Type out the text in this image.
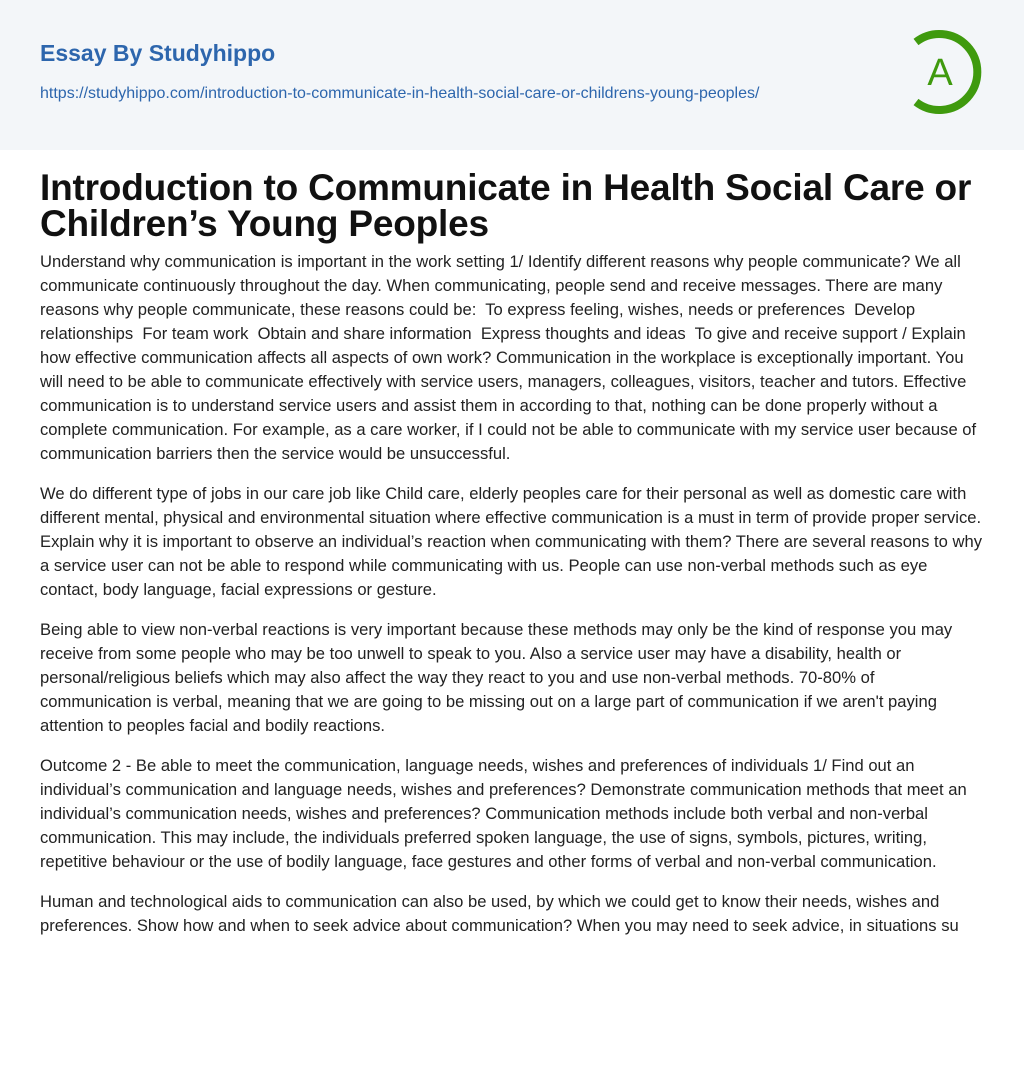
Essay By Studyhippo
https://studyhippo.com/introduction-to-communicate-in-health-social-care-or-childrens-young-peoples/	A
Introduction to Communicate in Health Social Care or Children’s Young Peoples

Understand why communication is important in the work setting 1/ Identify different reasons why people communicate? We all communicate continuously throughout the day. When communicating, people send and receive messages. There are many reasons why people communicate, these reasons could be:  To express feeling, wishes, needs or preferences  Develop relationships  For team work  Obtain and share information  Express thoughts and ideas  To give and receive support / Explain how effective communication affects all aspects of own work? Communication in the workplace is exceptionally important. You will need to be able to communicate effectively with service users, managers, colleagues, visitors, teacher and tutors. Effective communication is to understand service users and assist them in according to that, nothing can be done properly without a complete communication. For example, as a care worker, if I could not be able to communicate with my service user because of communication barriers then the service would be unsuccessful.

We do different type of jobs in our care job like Child care, elderly peoples care for their personal as well as domestic care with different mental, physical and environmental situation where effective communication is a must in term of provide proper service.  Explain why it is important to observe an individual’s reaction when communicating with them? There are several reasons to why a service user can not be able to respond while communicating with us. People can use non-verbal methods such as eye contact, body language, facial expressions or gesture.

Being able to view non-verbal reactions is very important because these methods may only be the kind of response you may receive from some people who may be too unwell to speak to you. Also a service user may have a disability, health or personal/religious beliefs which may also affect the way they react to you and use non-verbal methods. 70-80% of communication is verbal, meaning that we are going to be missing out on a large part of communication if we aren't paying attention to peoples facial and bodily reactions.

Outcome 2 - Be able to meet the communication, language needs, wishes and preferences of individuals 1/ Find out an individual’s communication and language needs, wishes and preferences? Demonstrate communication methods that meet an individual’s communication needs, wishes and preferences? Communication methods include both verbal and non-verbal communication. This may include, the individuals preferred spoken language, the use of signs, symbols, pictures, writing, repetitive behaviour or the use of bodily language, face gestures and other forms of verbal and non-verbal communication.

Human and technological aids to communication can also be used, by which we could get to know their needs, wishes and preferences. Show how and when to seek advice about communication? When you may need to seek advice, in situations su
